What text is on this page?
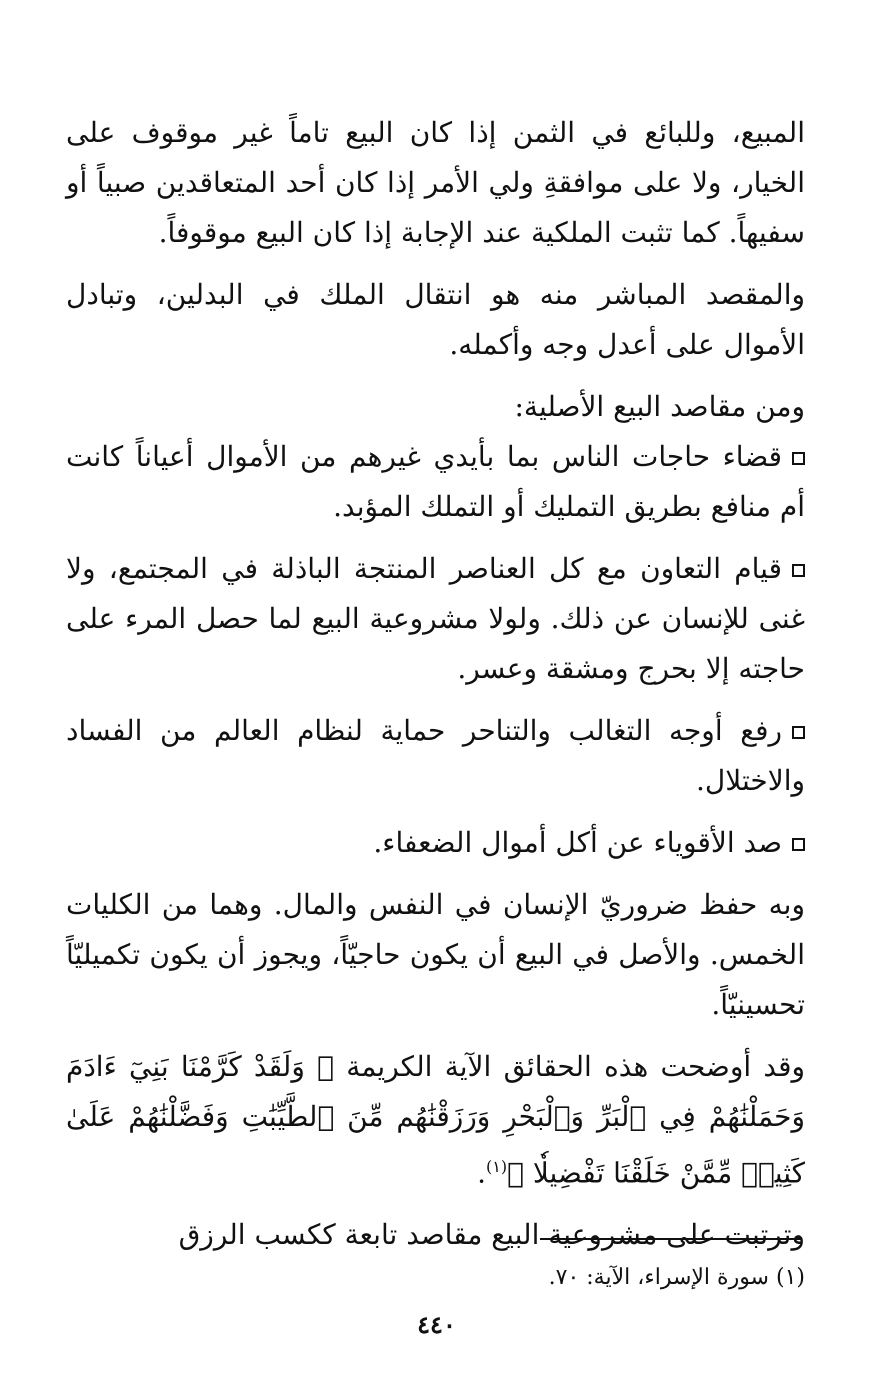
المبيع، وللبائع في الثمن إذا كان البيع تاماً غير موقوف على الخيار، ولا على موافقةِ ولي الأمر إذا كان أحد المتعاقدين صبياً أو سفيهاً. كما تثبت الملكية عند الإجابة إذا كان البيع موقوفاً.

والمقصد المباشر منه هو انتقال الملك في البدلين، وتبادل الأموال على أعدل وجه وأكمله.

ومن مقاصد البيع الأصلية:

قضاء حاجات الناس بما بأيدي غيرهم من الأموال أعياناً كانت أم منافع بطريق التمليك أو التملك المؤبد.

قيام التعاون مع كل العناصر المنتجة الباذلة في المجتمع، ولا غنى للإنسان عن ذلك. ولولا مشروعية البيع لما حصل المرء على حاجته إلا بحرج ومشقة وعسر.

رفع أوجه التغالب والتناحر حماية لنظام العالم من الفساد والاختلال.

صد الأقوياء عن أكل أموال الضعفاء.

وبه حفظ ضروريّ الإنسان في النفس والمال. وهما من الكليات الخمس. والأصل في البيع أن يكون حاجيّاً، ويجوز أن يكون تكميليّاً تحسينيّاً.

وقد أوضحت هذه الحقائق الآية الكريمة ﴿ وَلَقَدْ كَرَّمْنَا بَنِيٓ ءَادَمَ وَحَمَلْنَٰهُمْ فِي ٱلْبَرِّ وَٱلْبَحْرِ وَرَزَقْنَٰهُم مِّنَ ٱلطَّيِّبَٰتِ وَفَضَّلْنَٰهُمْ عَلَىٰ كَثِيرٖ مِّمَّنْ خَلَقْنَا تَفْضِيلٗا ﴾$^{(١)}$.

وترتبت على مشروعية البيع مقاصد تابعة ككسب الرزق

(١) سورة الإسراء، الآية: ٧٠.
٤٤٠
